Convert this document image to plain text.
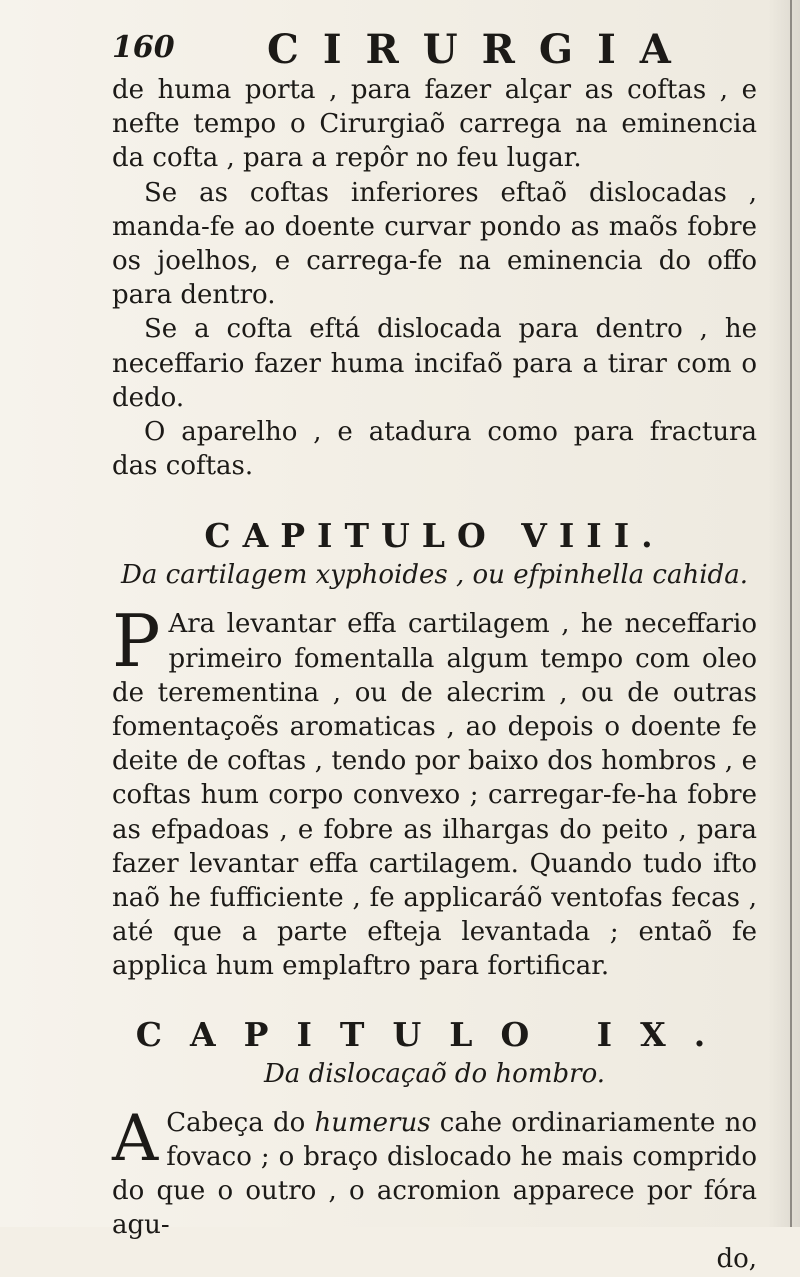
160 CIRURGIA

de huma porta , para fazer alçar as coftas , e nefte tempo o Cirurgiaõ carrega na eminencia da cofta , para a repôr no feu lugar.

Se as coftas inferiores eftaõ dislocadas , manda-fe ao doente curvar pondo as maõs fobre os joelhos, e carrega-fe na eminencia do offo para dentro.

Se a cofta eftá dislocada para dentro , he neceffario fazer huma incifaõ para a tirar com o dedo.

O aparelho , e atadura como para fractura das coftas.

CAPITULO VIII.

Da cartilagem xyphoides , ou efpinhella cahida.

P Ara levantar effa cartilagem , he neceffario primeiro fomentalla algum tempo com oleo de terementina , ou de alecrim , ou de outras fomentaçoẽs aromaticas , ao depois o doente fe deite de coftas , tendo por baixo dos hombros , e coftas hum corpo convexo ; carregar-fe-ha fobre as efpadoas , e fobre as ilhargas do peito , para fazer levantar effa cartilagem. Quando tudo ifto naõ he fufficiente , fe applicaráõ ventofas fecas , até que a parte efteja levantada ; entaõ fe applica hum emplaftro para fortificar.

CAPITULO IX.

Da dislocaçaõ do hombro.

A Cabeça do humerus cahe ordinariamente no fovaco ; o braço dislocado he mais comprido do que o outro , o acromion apparece por fóra agu-

do,
